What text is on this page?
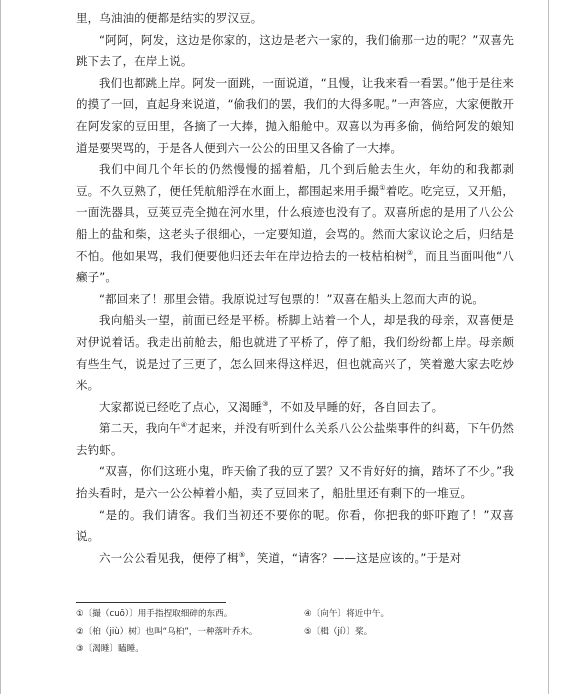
里，乌油油的便都是结实的罗汉豆。

“阿阿，阿发，这边是你家的，这边是老六一家的，我们偷那一边的呢？”双喜先跳下去了，在岸上说。

我们也都跳上岸。阿发一面跳，一面说道，“且慢，让我来看一看罢。”他于是往来的摸了一回，直起身来说道，“偷我们的罢，我们的大得多呢。”一声答应，大家便散开在阿发家的豆田里，各摘了一大捧，抛入船舱中。双喜以为再多偷，倘给阿发的娘知道是要哭骂的，于是各人便到六一公公的田里又各偷了一大捧。

我们中间几个年长的仍然慢慢的摇着船，几个到后舱去生火，年幼的和我都剥豆。不久豆熟了，便任凭航船浮在水面上，都围起来用手撮①着吃。吃完豆，又开船，一面洗器具，豆荚豆壳全抛在河水里，什么痕迹也没有了。双喜所虑的是用了八公公船上的盐和柴，这老头子很细心，一定要知道，会骂的。然而大家议论之后，归结是不怕。他如果骂，我们便要他归还去年在岸边拾去的一枝枯桕树②，而且当面叫他“八癞子”。

“都回来了！那里会错。我原说过写包票的！”双喜在船头上忽而大声的说。

我向船头一望，前面已经是平桥。桥脚上站着一个人，却是我的母亲，双喜便是对伊说着话。我走出前舱去，船也就进了平桥了，停了船，我们纷纷都上岸。母亲颇有些生气，说是过了三更了，怎么回来得这样迟，但也就高兴了，笑着邀大家去吃炒米。

大家都说已经吃了点心，又渴睡③，不如及早睡的好，各自回去了。

第二天，我向午④才起来，并没有听到什么关系八公公盐柴事件的纠葛，下午仍然去钓虾。

“双喜，你们这班小鬼，昨天偷了我的豆了罢？又不肯好好的摘，踏坏了不少。”我抬头看时，是六一公公棹着小船，卖了豆回来了，船肚里还有剩下的一堆豆。

“是的。我们请客。我们当初还不要你的呢。你看，你把我的虾吓跑了！”双喜说。

六一公公看见我，便停了楫⑤，笑道，“请客？——这是应该的。”于是对

①〔撮（cuō）〕用手指捏取细碎的东西。
②〔桕（jiù）树〕也叫“乌桕”，一种落叶乔木。
③〔渴睡〕瞌睡。
④〔向午〕将近中午。
⑤〔楫（jí）〕桨。
